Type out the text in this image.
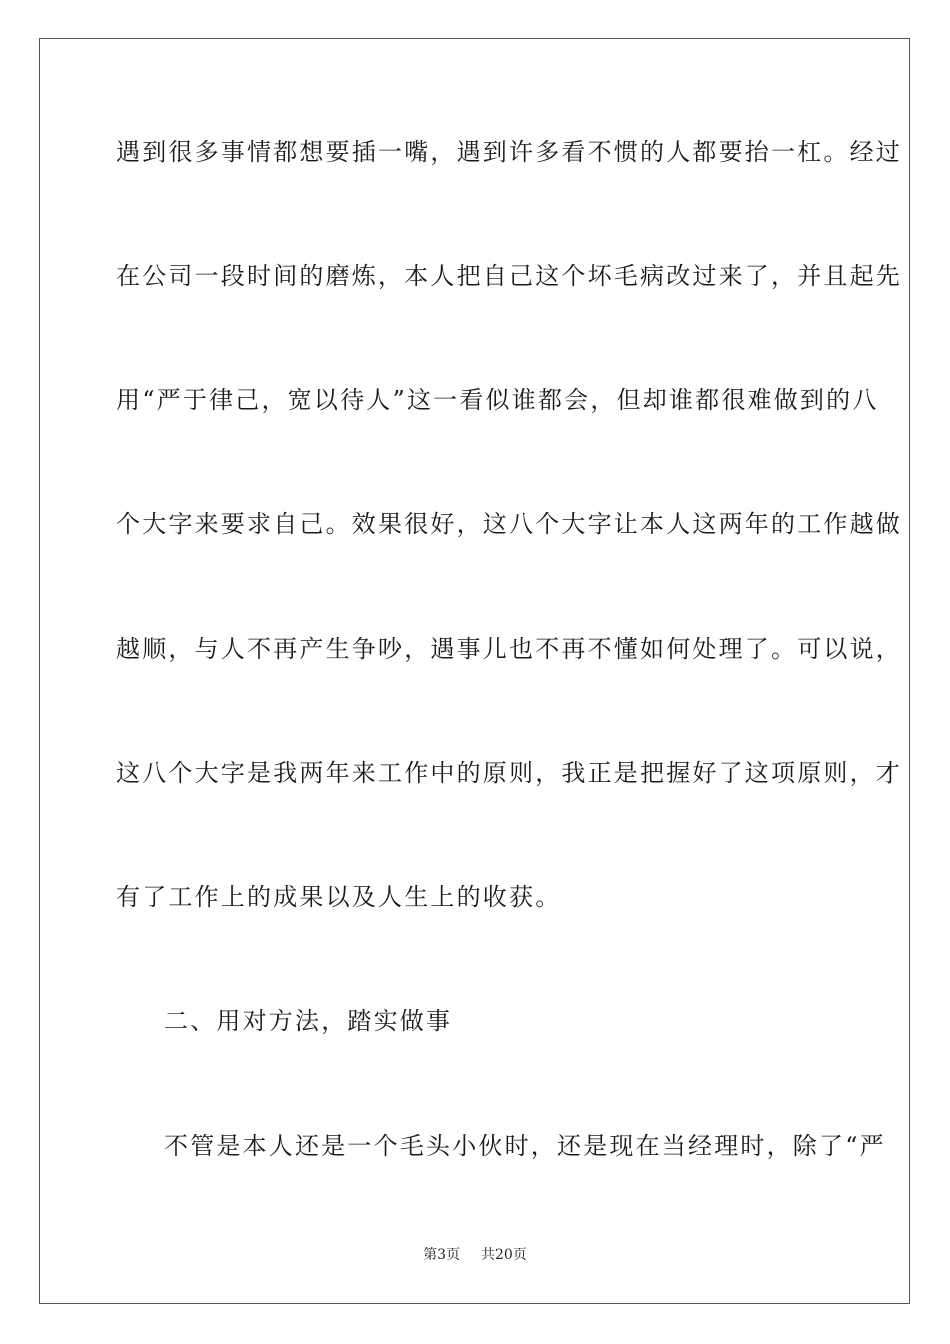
遇到很多事情都想要插一嘴，遇到许多看不惯的人都要抬一杠。经过
在公司一段时间的磨炼，本人把自己这个坏毛病改过来了，并且起先
用“严于律己，宽以待人”这一看似谁都会，但却谁都很难做到的八
个大字来要求自己。效果很好，这八个大字让本人这两年的工作越做
越顺，与人不再产生争吵，遇事儿也不再不懂如何处理了。可以说，
这八个大字是我两年来工作中的原则，我正是把握好了这项原则，才
有了工作上的成果以及人生上的收获。
二、用对方法，踏实做事
不管是本人还是一个毛头小伙时，还是现在当经理时，除了“严
第3页 共20页
